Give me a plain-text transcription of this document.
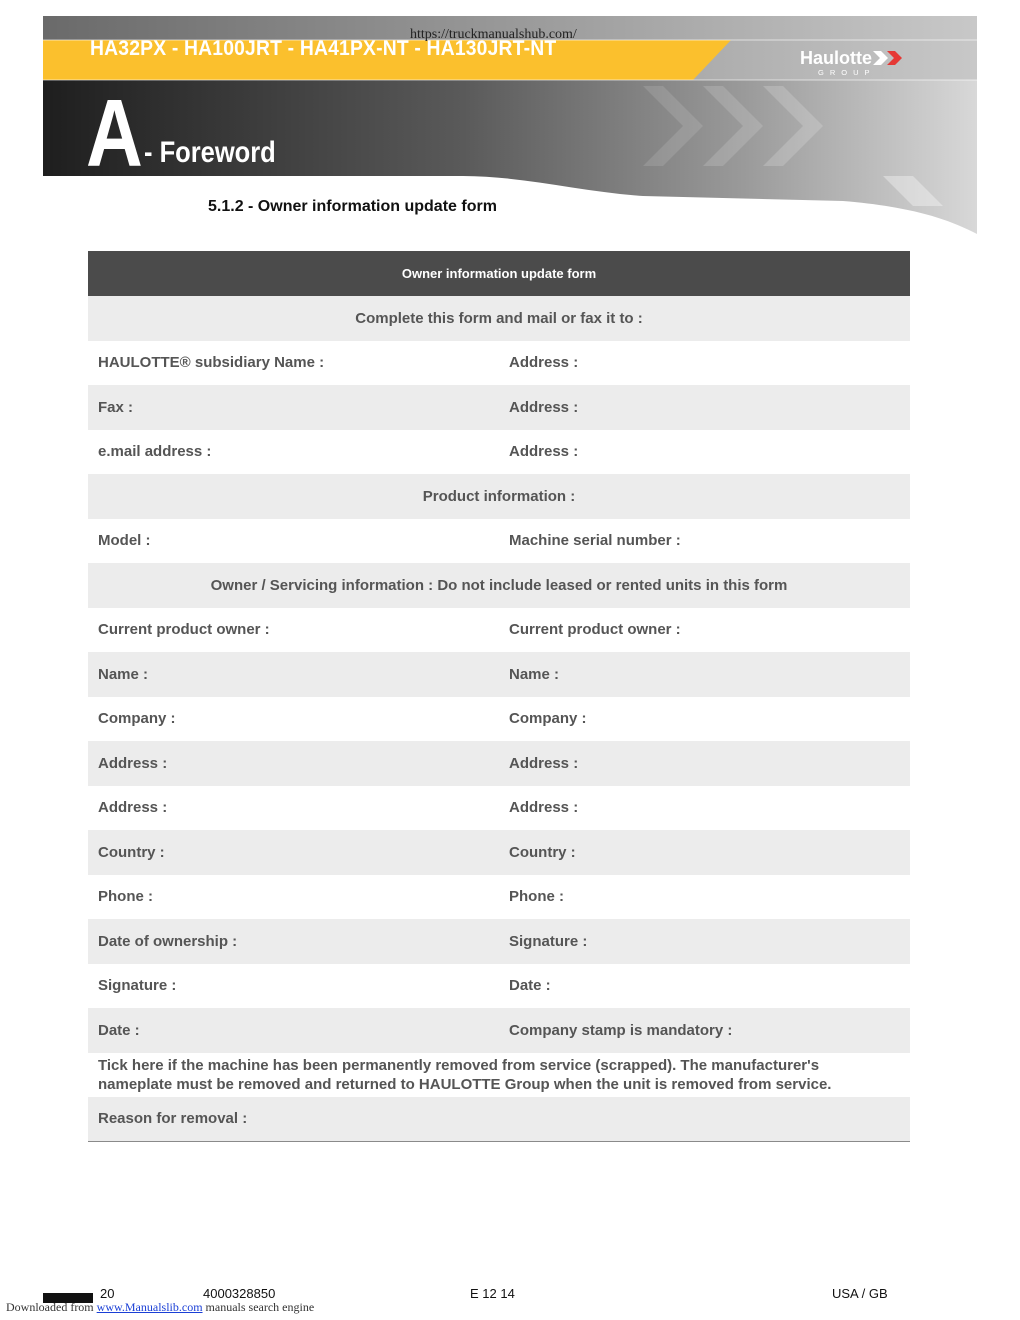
https://truckmanualshub.com/
HA32PX - HA100JRT - HA41PX-NT - HA130JRT-NT	Haulotte
GROUP
A - Foreword
5.1.2 - Owner information update form
Owner information update form
Complete this form and mail or fax it to :
HAULOTTE® subsidiary Name :	Address :
Fax :	Address :
e.mail address :	Address :
Product information :
Model :	Machine serial number :
Owner / Servicing information : Do not include leased or rented units in this form
Current product owner :	Current product owner :
Name :	Name :
Company :	Company :
Address :	Address :
Address :	Address :
Country :	Country :
Phone :	Phone :
Date of ownership :	Signature :
Signature :	Date :
Date :	Company stamp is mandatory :
Tick here if the machine has been permanently removed from service (scrapped). The manufacturer's
nameplate must be removed and returned to HAULOTTE Group when the unit is removed from service.
Reason for removal :
20	4000328850	E 12 14	USA / GB
Downloaded from www.Manualslib.com manuals search engine
